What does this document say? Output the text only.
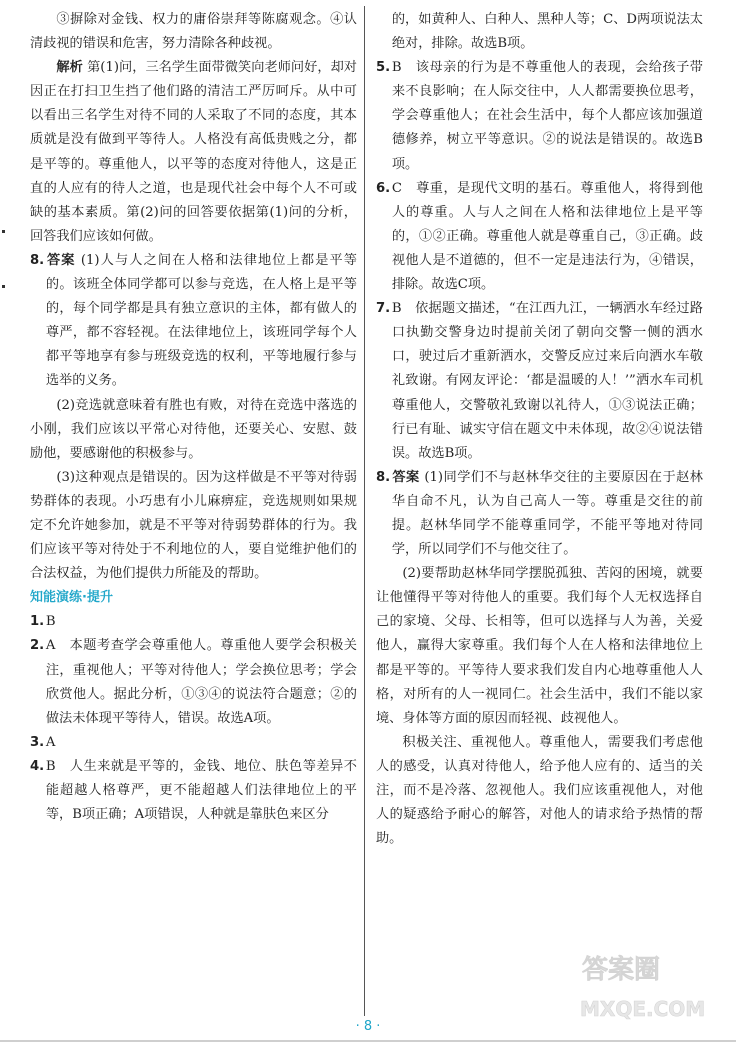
③摒除对金钱、权力的庸俗崇拜等陈腐观念。④认清歧视的错误和危害，努力清除各种歧视。

解析 第(1)问，三名学生面带微笑向老师问好，却对因正在打扫卫生挡了他们路的清洁工严厉呵斥。从中可以看出三名学生对待不同的人采取了不同的态度，其本质就是没有做到平等待人。人格没有高低贵贱之分，都是平等的。尊重他人，以平等的态度对待他人，这是正直的人应有的待人之道，也是现代社会中每个人不可或缺的基本素质。第(2)问的回答要依据第(1)问的分析，回答我们应该如何做。

8. 答案 (1)人与人之间在人格和法律地位上都是平等的。该班全体同学都可以参与竞选，在人格上是平等的，每个同学都是具有独立意识的主体，都有做人的尊严，都不容轻视。在法律地位上，该班同学每个人都平等地享有参与班级竞选的权利，平等地履行参与选举的义务。

(2)竞选就意味着有胜也有败，对待在竞选中落选的小刚，我们应该以平常心对待他，还要关心、安慰、鼓励他，要感谢他的积极参与。

(3)这种观点是错误的。因为这样做是不平等对待弱势群体的表现。小巧患有小儿麻痹症，竞选规则如果规定不允许她参加，就是不平等对待弱势群体的行为。我们应该平等对待处于不利地位的人，要自觉维护他们的合法权益，为他们提供力所能及的帮助。

知能演练·提升

1. B

2. A　本题考查学会尊重他人。尊重他人要学会积极关注，重视他人；平等对待他人；学会换位思考；学会欣赏他人。据此分析，①③④的说法符合题意；②的做法未体现平等待人，错误。故选A项。

3. A

4. B　人生来就是平等的，金钱、地位、肤色等差异不能超越人格尊严，更不能超越人们法律地位上的平等，B项正确；A项错误，人种就是靠肤色来区分

的，如黄种人、白种人、黑种人等；C、D两项说法太绝对，排除。故选B项。

5. B　该母亲的行为是不尊重他人的表现，会给孩子带来不良影响；在人际交往中，人人都需要换位思考，学会尊重他人；在社会生活中，每个人都应该加强道德修养，树立平等意识。②的说法是错误的。故选B项。

6. C　尊重，是现代文明的基石。尊重他人，将得到他人的尊重。人与人之间在人格和法律地位上是平等的，①②正确。尊重他人就是尊重自己，③正确。歧视他人是不道德的，但不一定是违法行为，④错误，排除。故选C项。

7. B　依据题文描述，“在江西九江，一辆洒水车经过路口执勤交警身边时提前关闭了朝向交警一侧的洒水口，驶过后才重新洒水，交警反应过来后向洒水车敬礼致谢。有网友评论：‘都是温暖的人！’”洒水车司机尊重他人，交警敬礼致谢以礼待人，①③说法正确；行已有耻、诚实守信在题文中未体现，故②④说法错误。故选B项。

8. 答案 (1)同学们不与赵林华交往的主要原因在于赵林华自命不凡，认为自己高人一等。尊重是交往的前提。赵林华同学不能尊重同学，不能平等地对待同学，所以同学们不与他交往了。

(2)要帮助赵林华同学摆脱孤独、苦闷的困境，就要让他懂得平等对待他人的重要。我们每个人无权选择自己的家境、父母、长相等，但可以选择与人为善，关爱他人，赢得大家尊重。我们每个人在人格和法律地位上都是平等的。平等待人要求我们发自内心地尊重他人人格，对所有的人一视同仁。社会生活中，我们不能以家境、身体等方面的原因而轻视、歧视他人。

积极关注、重视他人。尊重他人，需要我们考虑他人的感受，认真对待他人，给予他人应有的、适当的关注，而不是冷落、忽视他人。我们应该重视他人，对他人的疑惑给予耐心的解答，对他人的请求给予热情的帮助。

· 8 ·
答案圈
MXQE.COM
